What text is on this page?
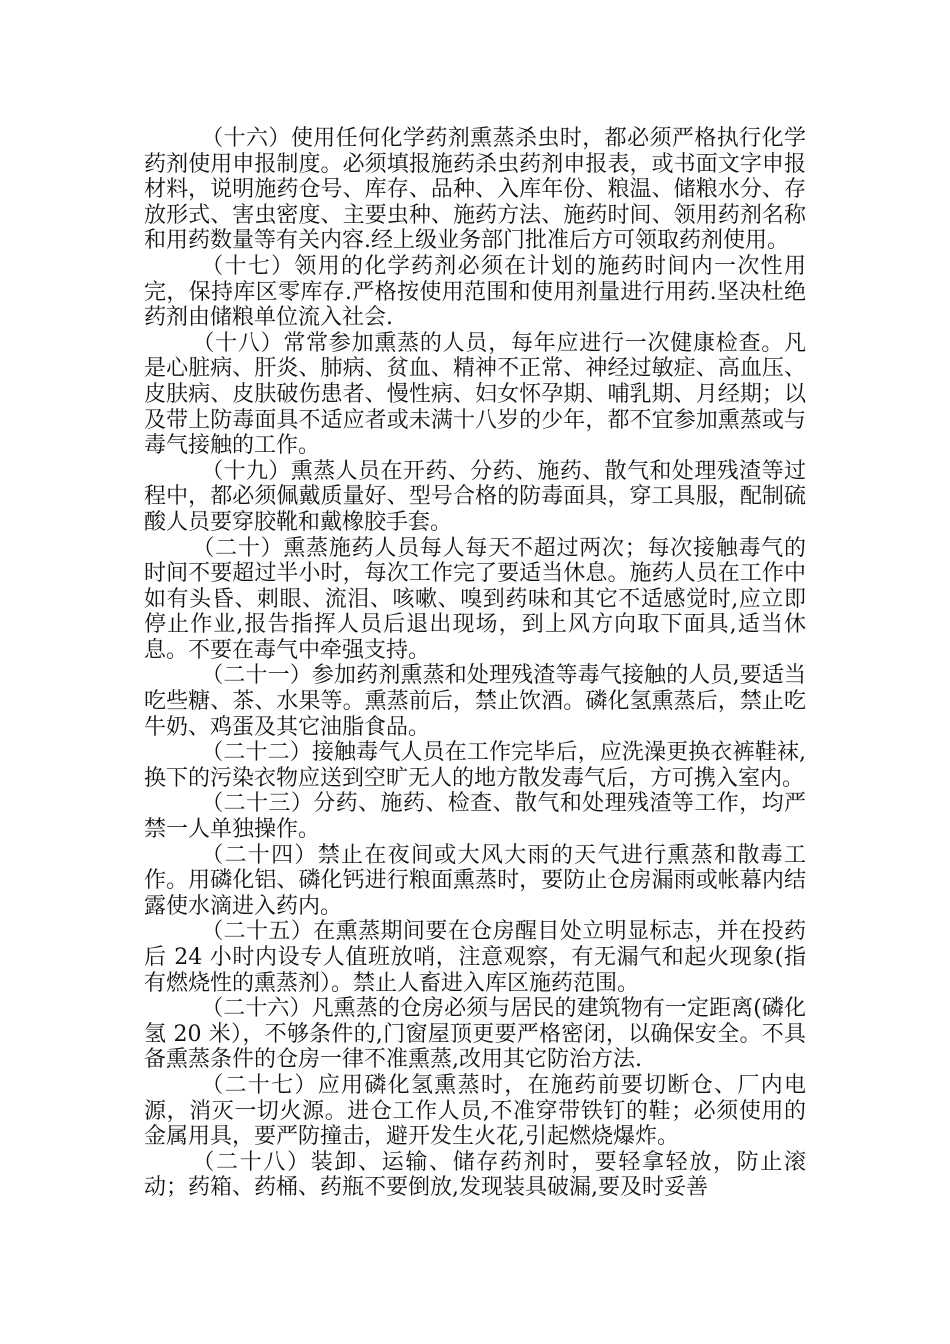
（十六）使用任何化学药剂熏蒸杀虫时，都必须严格执行化学药剂使用申报制度。必须填报施药杀虫药剂申报表，或书面文字申报材料，说明施药仓号、库存、品种、入库年份、粮温、储粮水分、存放形式、害虫密度、主要虫种、施药方法、施药时间、领用药剂名称和用药数量等有关内容.经上级业务部门批准后方可领取药剂使用。

（十七）领用的化学药剂必须在计划的施药时间内一次性用完，保持库区零库存.严格按使用范围和使用剂量进行用药.坚决杜绝药剂由储粮单位流入社会.

（十八）常常参加熏蒸的人员，每年应进行一次健康检查。凡是心脏病、肝炎、肺病、贫血、精神不正常、神经过敏症、高血压、皮肤病、皮肤破伤患者、慢性病、妇女怀孕期、哺乳期、月经期；以及带上防毒面具不适应者或未满十八岁的少年，都不宜参加熏蒸或与毒气接触的工作。

（十九）熏蒸人员在开药、分药、施药、散气和处理残渣等过程中，都必须佩戴质量好、型号合格的防毒面具，穿工具服，配制硫酸人员要穿胶靴和戴橡胶手套。

（二十）熏蒸施药人员每人每天不超过两次；每次接触毒气的时间不要超过半小时，每次工作完了要适当休息。施药人员在工作中如有头昏、刺眼、流泪、咳嗽、嗅到药味和其它不适感觉时,应立即停止作业,报告指挥人员后退出现场，到上风方向取下面具,适当休息。不要在毒气中牵强支持。

（二十一）参加药剂熏蒸和处理残渣等毒气接触的人员,要适当吃些糖、茶、水果等。熏蒸前后，禁止饮酒。磷化氢熏蒸后，禁止吃牛奶、鸡蛋及其它油脂食品。

（二十二）接触毒气人员在工作完毕后，应洗澡更换衣裤鞋袜,换下的污染衣物应送到空旷无人的地方散发毒气后，方可携入室内。

（二十三）分药、施药、检查、散气和处理残渣等工作，均严禁一人单独操作。

（二十四）禁止在夜间或大风大雨的天气进行熏蒸和散毒工作。用磷化铝、磷化钙进行粮面熏蒸时，要防止仓房漏雨或帐幕内结露使水滴进入药内。

（二十五）在熏蒸期间要在仓房醒目处立明显标志，并在投药后 24 小时内设专人值班放哨，注意观察，有无漏气和起火现象(指有燃烧性的熏蒸剂）。禁止人畜进入库区施药范围。

（二十六）凡熏蒸的仓房必须与居民的建筑物有一定距离(磷化氢 20 米），不够条件的,门窗屋顶更要严格密闭，以确保安全。不具备熏蒸条件的仓房一律不准熏蒸,改用其它防治方法.

（二十七）应用磷化氢熏蒸时，在施药前要切断仓、厂内电源，消灭一切火源。进仓工作人员,不准穿带铁钉的鞋；必须使用的金属用具，要严防撞击，避开发生火花,引起燃烧爆炸。

（二十八）装卸、运输、储存药剂时，要轻拿轻放，防止滚动；药箱、药桶、药瓶不要倒放,发现装具破漏,要及时妥善
